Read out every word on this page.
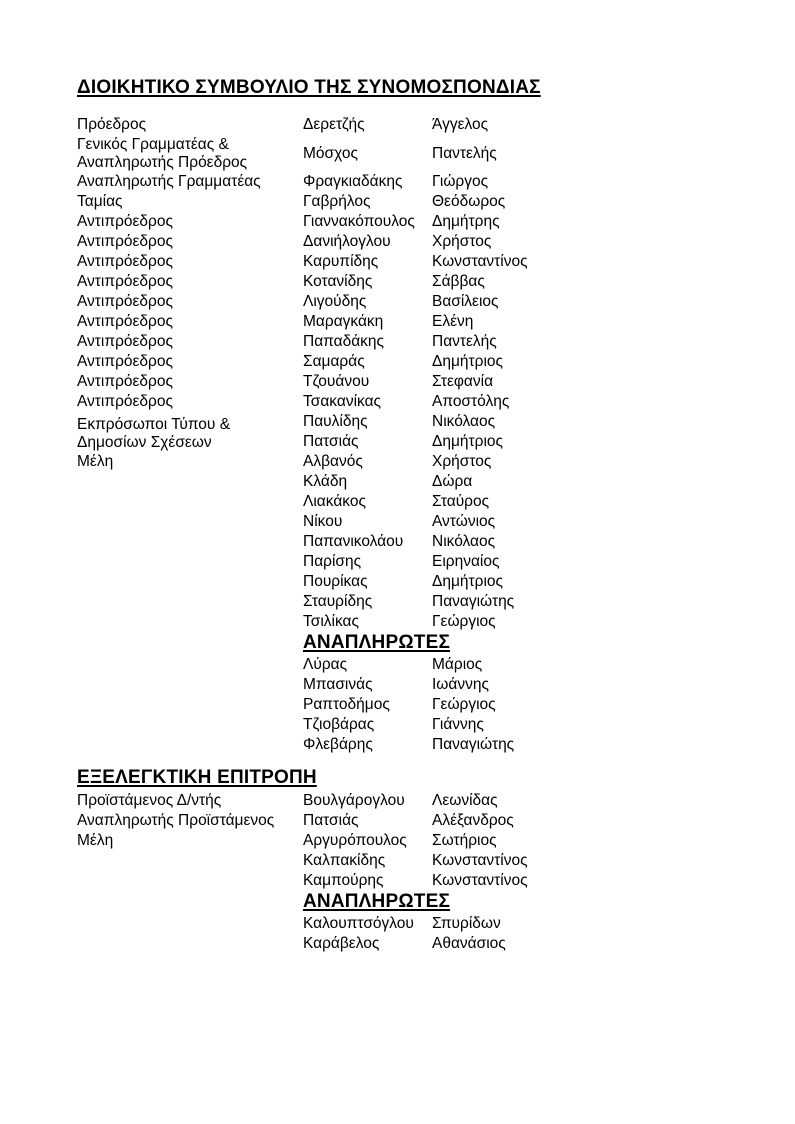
ΔΙΟΙΚΗΤΙΚΟ ΣΥΜΒΟΥΛΙΟ ΤΗΣ ΣΥΝΟΜΟΣΠΟΝΔΙΑΣ
Πρόεδρος	Δερετζής	Άγγελος
Γενικός Γραμματέας &
Αναπληρωτής Πρόεδρος
Μόσχος	Παντελής
Αναπληρωτής Γραμματέας	Φραγκιαδάκης Γιώργος
Ταμίας	Γαβρήλος	Θεόδωρος
Αντιπρόεδρος	Γιαννακόπουλος Δημήτρης
Αντιπρόεδρος	Δανιήλογλου	Χρήστος
Αντιπρόεδρος	Καρυπίδης	Κωνσταντίνος
Αντιπρόεδρος	Κοτανίδης	Σάββας
Αντιπρόεδρος	Λιγούδης	Βασίλειος
Αντιπρόεδρος	Μαραγκάκη	Ελένη
Αντιπρόεδρος	Παπαδάκης	Παντελής
Αντιπρόεδρος	Σαμαράς	Δημήτριος
Αντιπρόεδρος	Τζουάνου	Στεφανία
Αντιπρόεδρος	Τσακανίκας	Αποστόλης
Εκπρόσωποι Τύπου &
Δημοσίων Σχέσεων
Παυλίδης	Νικόλαος
Πατσιάς	Δημήτριος
Μέλη	Αλβανός	Χρήστος
Κλάδη	Δώρα
Λιακάκος	Σταύρος
Νίκου	Αντώνιος
Παπανικολάου Νικόλαος
Παρίσης	Ειρηναίος
Πουρίκας	Δημήτριος
Σταυρίδης	Παναγιώτης
Τσιλίκας	Γεώργιος
ΑΝΑΠΛΗΡΩΤΕΣ
Λύρας	Μάριος
Μπασινάς	Ιωάννης
Ραπτοδήμος	Γεώργιος
Τζιοβάρας	Γιάννης
Φλεβάρης	Παναγιώτης
ΕΞΕΛΕΓΚΤΙΚΗ ΕΠΙΤΡΟΠΗ
Προϊστάμενος Δ/ντής	Βουλγάρογλου Λεωνίδας
Αναπληρωτής Προϊστάμενος	Πατσιάς	Αλέξανδρος
Μέλη	Αργυρόπουλος Σωτήριος
Καλπακίδης	Κωνσταντίνος
Καμπούρης	Κωνσταντίνος
ΑΝΑΠΛΗΡΩΤΕΣ
Καλουπτσόγλου Σπυρίδων
Καράβελος	Αθανάσιος
